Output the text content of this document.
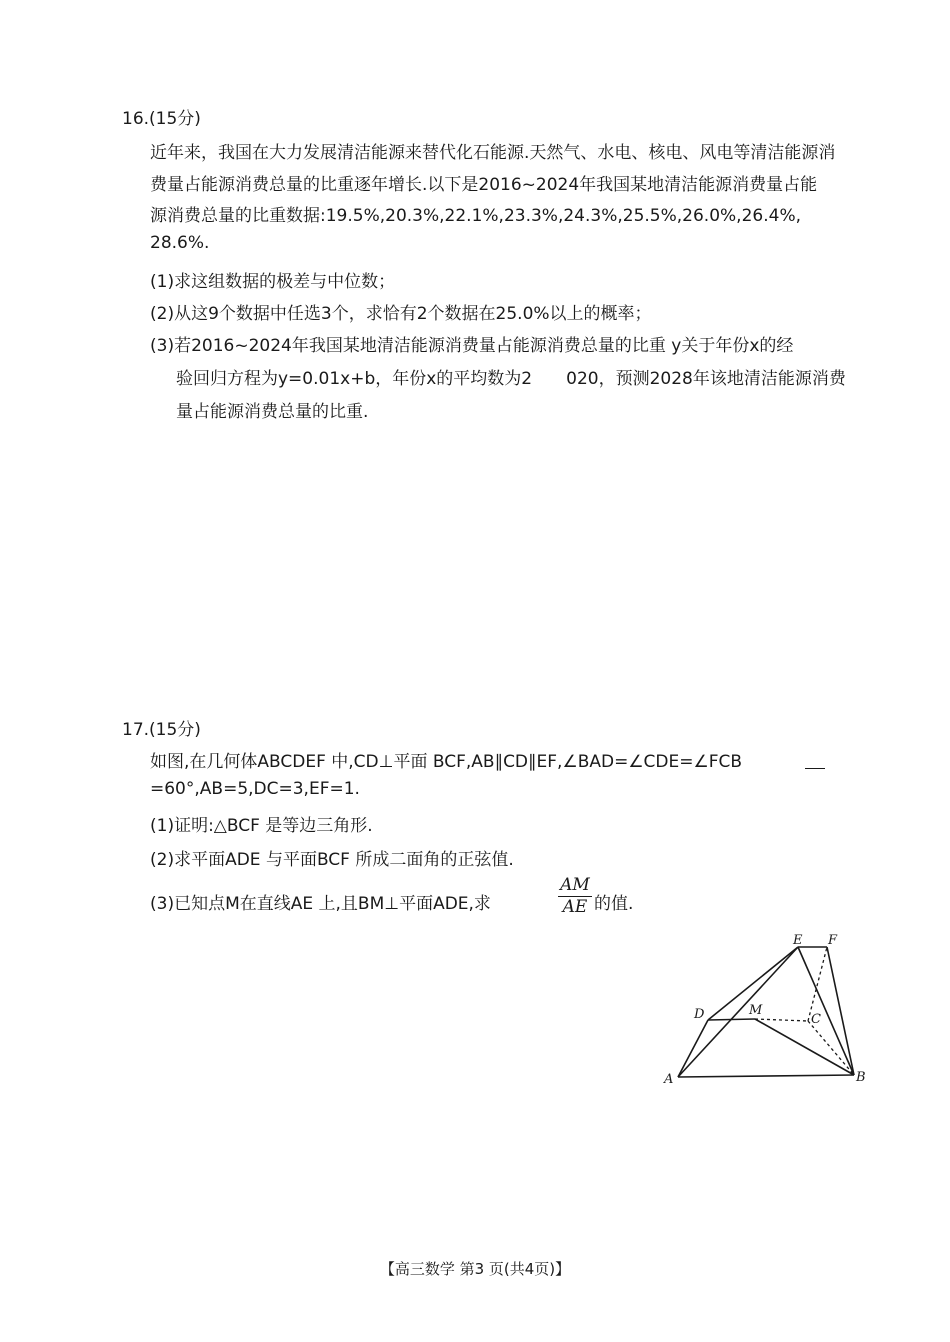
16.(15分)
近年来，我国在大力发展清洁能源来替代化石能源.天然气、水电、核电、风电等清洁能源消
费量占能源消费总量的比重逐年增长.以下是2016~2024年我国某地清洁能源消费量占能
源消费总量的比重数据:19.5%,20.3%,22.1%,23.3%,24.3%,25.5%,26.0%,26.4%,
28.6%.
(1)求这组数据的极差与中位数；
(2)从这9个数据中任选3个，求恰有2个数据在25.0%以上的概率；
(3)若2016~2024年我国某地清洁能源消费量占能源消费总量的比重 y关于年份x的经
验回归方程为y=0.01x+b，年份x的平均数为2　　020，预测2028年该地清洁能源消费
量占能源消费总量的比重.
17.(15分)
如图,在几何体ABCDEF 中,CD⊥平面 BCF,AB∥CD∥EF,∠BAD=∠CDE=∠FCB
=60°,AB=5,DC=3,EF=1.
(1)证明:△BCF 是等边三角形.
(2)求平面ADE 与平面BCF 所成二面角的正弦值.
(3)已知点M在直线AE 上,且BM⊥平面ADE,求	$\frac{AM}{AE}$ 的值.
A	B
C
D
E F
M
【高三数学 第3 页(共4页)】
